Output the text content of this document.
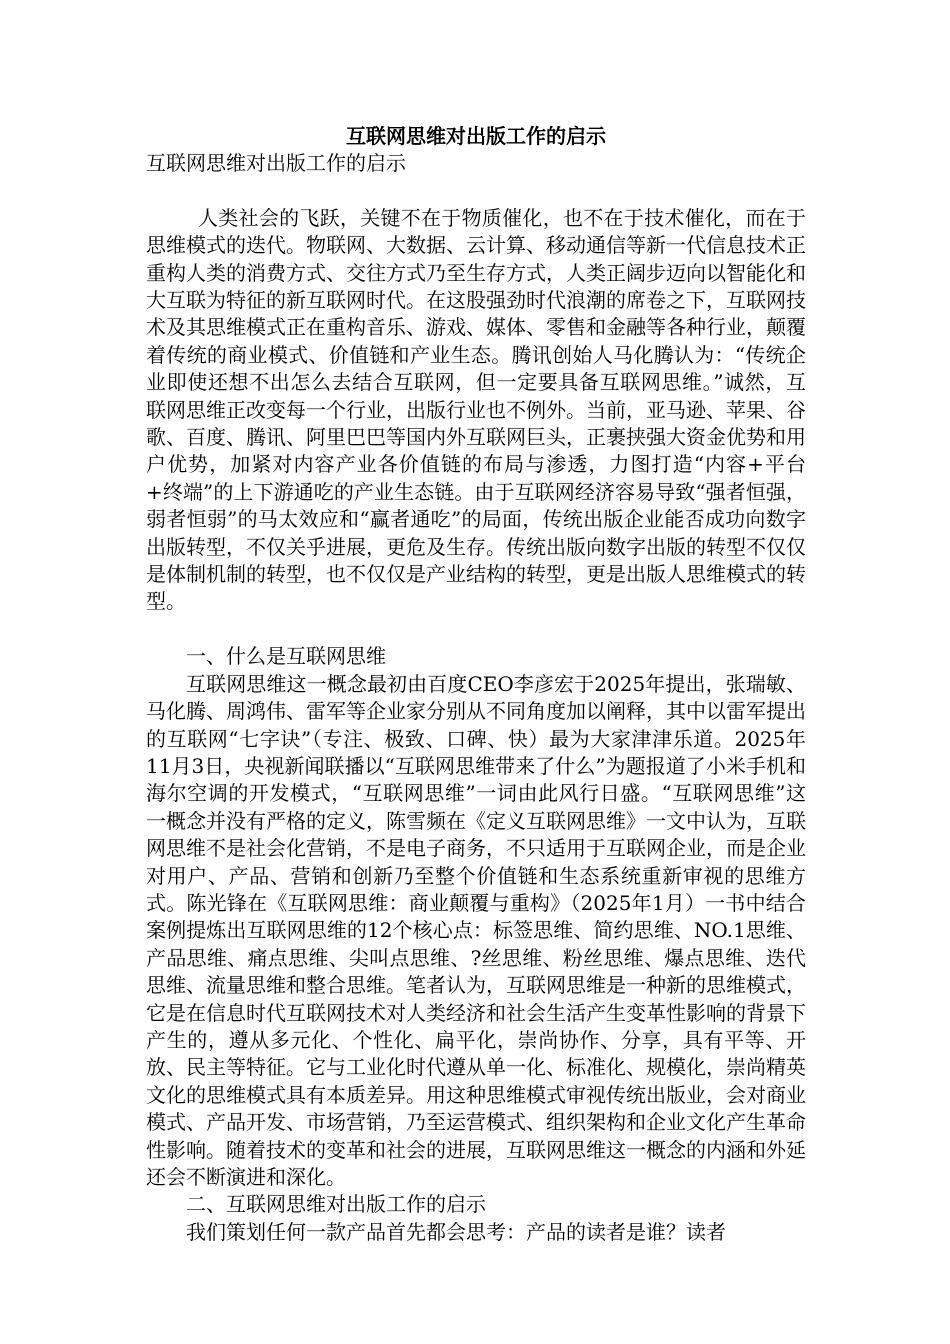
互联网思维对出版工作的启示
互联网思维对出版工作的启示

人类社会的飞跃，关键不在于物质催化，也不在于技术催化，而在于思维模式的迭代。物联网、大数据、云计算、移动通信等新一代信息技术正重构人类的消费方式、交往方式乃至生存方式，人类正阔步迈向以智能化和大互联为特征的新互联网时代。在这股强劲时代浪潮的席卷之下，互联网技术及其思维模式正在重构音乐、游戏、媒体、零售和金融等各种行业，颠覆着传统的商业模式、价值链和产业生态。腾讯创始人马化腾认为：“传统企业即使还想不出怎么去结合互联网，但一定要具备互联网思维。”诚然，互联网思维正改变每一个行业，出版行业也不例外。当前，亚马逊、苹果、谷歌、百度、腾讯、阿里巴巴等国内外互联网巨头，正裹挟强大资金优势和用户优势，加紧对内容产业各价值链的布局与渗透，力图打造“内容+平台+终端”的上下游通吃的产业生态链。由于互联网经济容易导致“强者恒强，弱者恒弱”的马太效应和“赢者通吃”的局面，传统出版企业能否成功向数字出版转型，不仅关乎进展，更危及生存。传统出版向数字出版的转型不仅仅是体制机制的转型，也不仅仅是产业结构的转型，更是出版人思维模式的转型。

一、什么是互联网思维

互联网思维这一概念最初由百度CEO李彦宏于2025年提出，张瑞敏、马化腾、周鸿伟、雷军等企业家分别从不同角度加以阐释，其中以雷军提出的互联网“七字诀”（专注、极致、口碑、快）最为大家津津乐道。2025年11月3日，央视新闻联播以“互联网思维带来了什么”为题报道了小米手机和海尔空调的开发模式，“互联网思维”一词由此风行日盛。“互联网思维”这一概念并没有严格的定义，陈雪频在《定义互联网思维》一文中认为，互联网思维不是社会化营销，不是电子商务，不只适用于互联网企业，而是企业对用户、产品、营销和创新乃至整个价值链和生态系统重新审视的思维方式。陈光锋在《互联网思维：商业颠覆与重构》（2025年1月）一书中结合案例提炼出互联网思维的12个核心点：标签思维、简约思维、NO.1思维、产品思维、痛点思维、尖叫点思维、?丝思维、粉丝思维、爆点思维、迭代思维、流量思维和整合思维。笔者认为，互联网思维是一种新的思维模式，它是在信息时代互联网技术对人类经济和社会生活产生变革性影响的背景下产生的，遵从多元化、个性化、扁平化，崇尚协作、分享，具有平等、开放、民主等特征。它与工业化时代遵从单一化、标准化、规模化，崇尚精英文化的思维模式具有本质差异。用这种思维模式审视传统出版业，会对商业模式、产品开发、市场营销，乃至运营模式、组织架构和企业文化产生革命性影响。随着技术的变革和社会的进展，互联网思维这一概念的内涵和外延还会不断演进和深化。

二、互联网思维对出版工作的启示

我们策划任何一款产品首先都会思考：产品的读者是谁？读者
